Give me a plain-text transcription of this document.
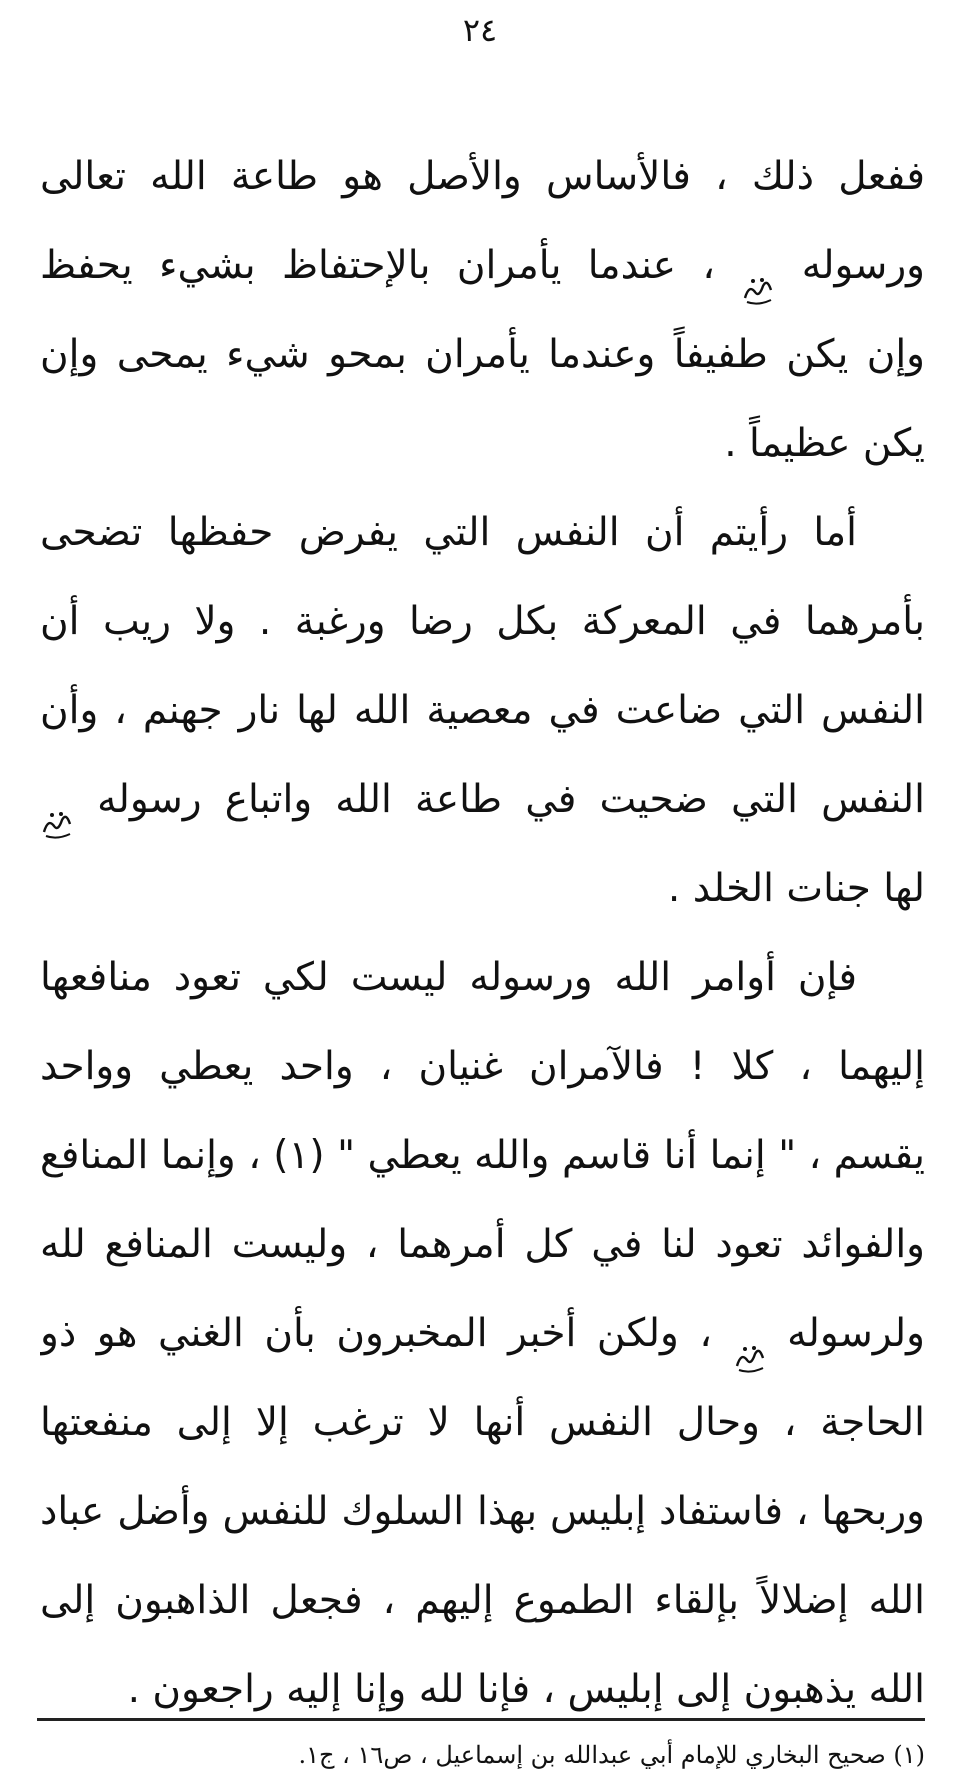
٢٤
ففعل ذلك ، فالأساس والأصل هو طاعة الله تعالى
ورسوله  ، عندما يأمران بالإحتفاظ بشيء يحفظ
وإن يكن طفيفاً وعندما يأمران بمحو شيء يمحى وإن
يكن عظيماً .
أما رأيتم أن النفس التي يفرض حفظها تضحى
بأمرهما في المعركة بكل رضا ورغبة . ولا ريب أن
النفس التي ضاعت في معصية الله لها نار جهنم ، وأن
النفس التي ضحيت في طاعة الله واتباع رسوله
لها جنات الخلد .
فإن أوامر الله ورسوله ليست لكي تعود منافعها
إليهما ، كلا ! فالآمران غنيان ، واحد يعطي وواحد
يقسم ، " إنما أنا قاسم والله يعطي " (١) ، وإنما المنافع
والفوائد تعود لنا في كل أمرهما ، وليست المنافع لله
ولرسوله  ، ولكن أخبر المخبرون بأن الغني هو ذو
الحاجة ، وحال النفس أنها لا ترغب إلا إلى منفعتها
وربحها ، فاستفاد إبليس بهذا السلوك للنفس وأضل عباد
الله إضلالاً بإلقاء الطموع إليهم ، فجعل الذاهبون إلى
الله يذهبون إلى إبليس ، فإنا لله وإنا إليه راجعون .
(١) صحيح البخاري للإمام أبي عبدالله بن إسماعيل ، ص١٦ ، ج١.
